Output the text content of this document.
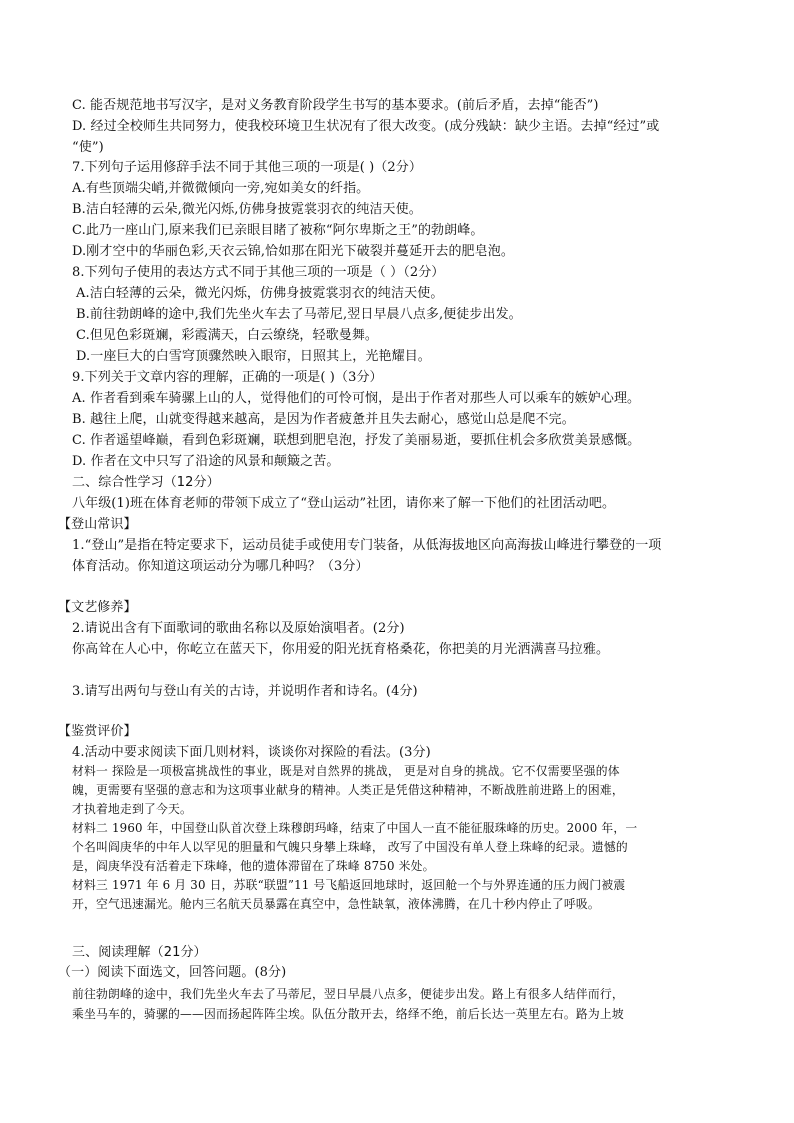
C. 能否规范地书写汉字，是对义务教育阶段学生书写的基本要求。(前后矛盾，去掉“能否”)
D. 经过全校师生共同努力，使我校环境卫生状况有了很大改变。(成分残缺：缺少主语。去掉“经过”或
“使”)
7.下列句子运用修辞手法不同于其他三项的一项是( )（2分）
A.有些顶端尖峭,并微微倾向一旁,宛如美女的纤指。
B.洁白轻薄的云朵,微光闪烁,仿佛身披霓裳羽衣的纯洁天使。
C.此乃一座山门,原来我们已亲眼目睹了被称“阿尔卑斯之王”的勃朗峰。
D.刚才空中的华丽色彩,天衣云锦,恰如那在阳光下破裂并蔓延开去的肥皂泡。
8.下列句子使用的表达方式不同于其他三项的一项是（ ）（2分）
A.洁白轻薄的云朵，微光闪烁，仿佛身披霓裳羽衣的纯洁天使。
B.前往勃朗峰的途中,我们先坐火车去了马蒂尼,翌日早晨八点多,便徒步出发。
C.但见色彩斑斓，彩霞满天，白云缭绕，轻歌曼舞。
D.一座巨大的白雪穹顶骤然映入眼帘，日照其上，光艳耀目。
9.下列关于文章内容的理解，正确的一项是( )（3分）
A. 作者看到乘车骑骡上山的人，觉得他们的可怜可悯，是出于作者对那些人可以乘车的嫉妒心理。
B. 越往上爬，山就变得越来越高，是因为作者疲惫并且失去耐心，感觉山总是爬不完。
C. 作者遥望峰巅，看到色彩斑斓，联想到肥皂泡，抒发了美丽易逝，要抓住机会多欣赏美景感慨。
D. 作者在文中只写了沿途的风景和颠簸之苦。
二、综合性学习（12分）
八年级(1)班在体育老师的带领下成立了“登山运动”社团，请你来了解一下他们的社团活动吧。
【登山常识】
1.“登山”是指在特定要求下，运动员徒手或使用专门装备，从低海拔地区向高海拔山峰进行攀登的一项
体育活动。你知道这项运动分为哪几种吗？（3分）
【文艺修养】
2.请说出含有下面歌词的歌曲名称以及原始演唱者。(2分)
你高耸在人心中，你屹立在蓝天下，你用爱的阳光抚育格桑花，你把美的月光洒满喜马拉雅。
3.请写出两句与登山有关的古诗，并说明作者和诗名。(4分)
【鉴赏评价】
4.活动中要求阅读下面几则材料，谈谈你对探险的看法。(3分)
材料一 探险是一项极富挑战性的事业，既是对自然界的挑战， 更是对自身的挑战。它不仅需要坚强的体
魄，更需要有坚强的意志和为这项事业献身的精神。人类正是凭借这种精神，不断战胜前进路上的困难，
才执着地走到了今天。
材料二 1960 年，中国登山队首次登上珠穆朗玛峰，结束了中国人一直不能征服珠峰的历史。2000 年，一
个名叫阎庚华的中年人以罕见的胆量和气魄只身攀上珠峰， 改写了中国没有单人登上珠峰的纪录。遗憾的
是，阎庚华没有活着走下珠峰，他的遗体滞留在了珠峰 8750 米处。
材料三 1971 年 6 月 30 日，苏联“联盟”11 号飞船返回地球时，返回舱一个与外界连通的压力阀门被震
开，空气迅速漏光。舱内三名航天员暴露在真空中，急性缺氧，液体沸腾，在几十秒内停止了呼吸。
三、阅读理解（21分）
（一）阅读下面选文，回答问题。(8分)
前往勃朗峰的途中，我们先坐火车去了马蒂尼，翌日早晨八点多，便徒步出发。路上有很多人结伴而行，
乘坐马车的，骑骡的——因而扬起阵阵尘埃。队伍分散开去，络绎不绝，前后长达一英里左右。路为上坡
